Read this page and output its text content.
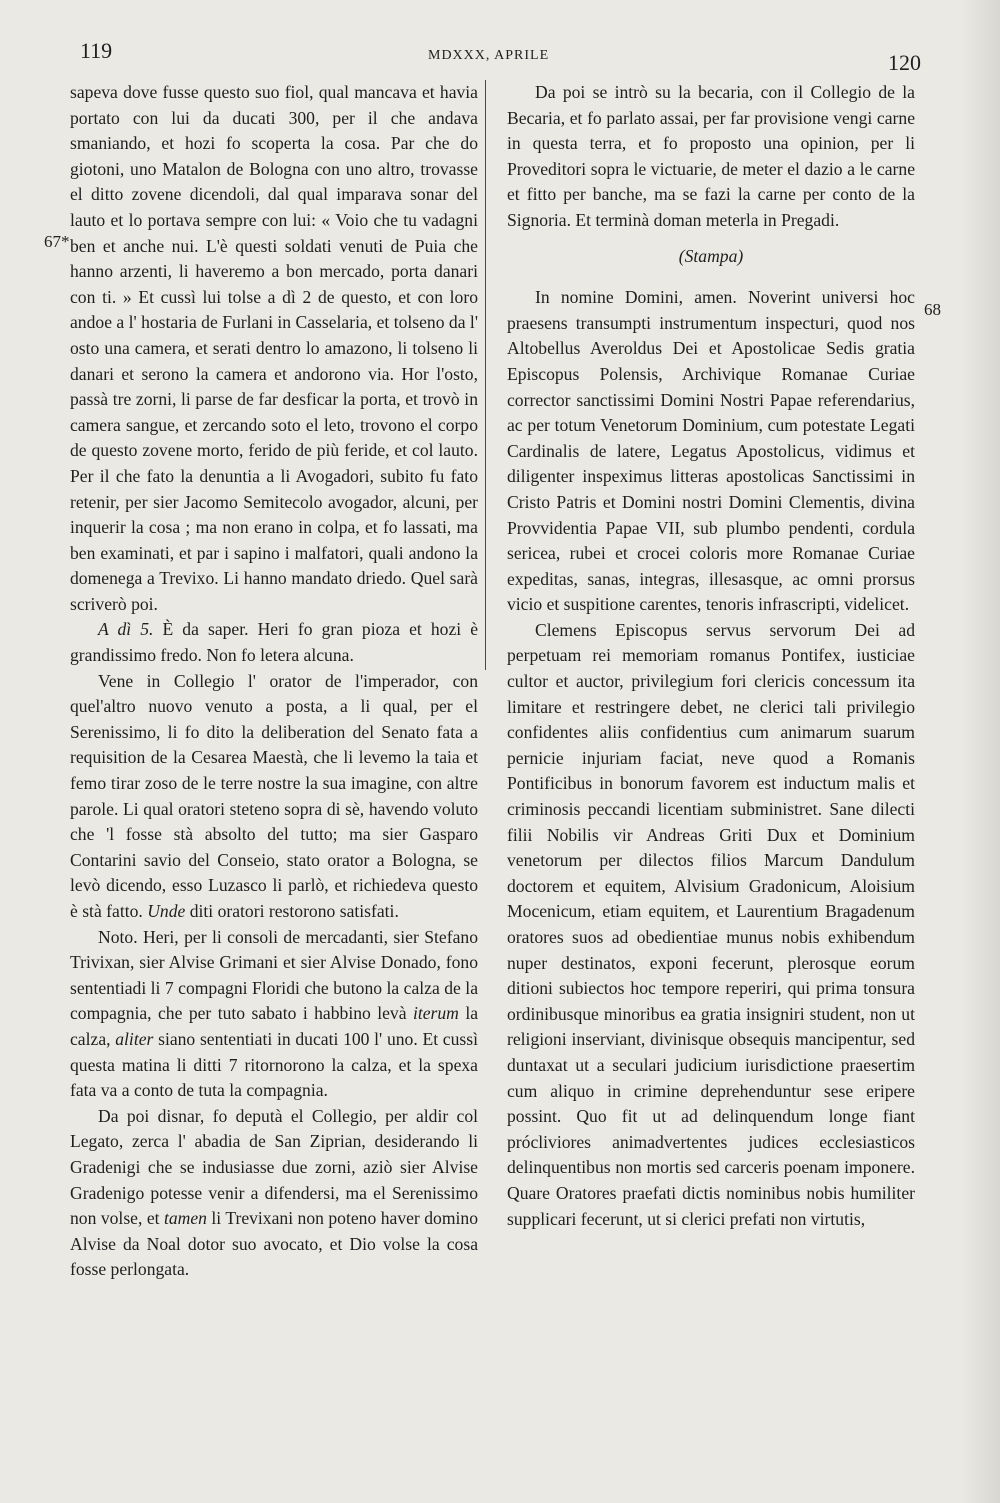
119	MDXXX, APRILE	120
67*
68

sapeva dove fusse questo suo fiol, qual mancava et havia portato con lui da ducati 300, per il che andava smaniando, et hozi fo scoperta la cosa. Par che do giotoni, uno Matalon de Bologna con uno altro, trovasse el ditto zovene dicendoli, dal qual imparava sonar del lauto et lo portava sempre con lui: « Voio che tu vadagni ben et anche nui. L'è questi soldati venuti de Puia che hanno arzenti, li haveremo a bon mercado, porta danari con ti. » Et cussì lui tolse a dì 2 de questo, et con loro andoe a l' hostaria de Furlani in Casselaria, et tolseno da l' osto una camera, et serati dentro lo amazono, li tolseno li danari et serono la camera et andorono via. Hor l'osto, passà tre zorni, li parse de far desficar la porta, et trovò in camera sangue, et zercando soto el leto, trovono el corpo de questo zovene morto, ferido de più feride, et col lauto. Per il che fato la denuntia a li Avogadori, subito fu fato retenir, per sier Jacomo Semitecolo avogador, alcuni, per inquerir la cosa ; ma non erano in colpa, et fo lassati, ma ben examinati, et par i sapino i malfatori, quali andono la domenega a Trevixo. Li hanno mandato driedo. Quel sarà scriverò poi.

A dì 5. È da saper. Heri fo gran pioza et hozi è grandissimo fredo. Non fo letera alcuna.

Vene in Collegio l' orator de l'imperador, con quel'altro nuovo venuto a posta, a li qual, per el Serenissimo, li fo dito la deliberation del Senato fata a requisition de la Cesarea Maestà, che li levemo la taia et femo tirar zoso de le terre nostre la sua imagine, con altre parole. Li qual oratori steteno sopra di sè, havendo voluto che 'l fosse stà absolto del tutto; ma sier Gasparo Contarini savio del Conseio, stato orator a Bologna, se levò dicendo, esso Luzasco li parlò, et richiedeva questo è stà fatto. Unde diti oratori restorono satisfati.

Noto. Heri, per li consoli de mercadanti, sier Stefano Trivixan, sier Alvise Grimani et sier Alvise Donado, fono sententiadi li 7 compagni Floridi che butono la calza de la compagnia, che per tuto sabato i habbino levà iterum la calza, aliter siano sententiati in ducati 100 l' uno. Et cussì questa matina li ditti 7 ritornorono la calza, et la spexa fata va a conto de tuta la compagnia.

Da poi disnar, fo deputà el Collegio, per aldir col Legato, zerca l' abadia de San Ziprian, desiderando li Gradenigi che se indusiasse due zorni, aziò sier Alvise Gradenigo potesse venir a difendersi, ma el Serenissimo non volse, et tamen li Trevixani non poteno haver domino Alvise da Noal dotor suo avocato, et Dio volse la cosa fosse perlongata.

Da poi se intrò su la becaria, con il Collegio de la Becaria, et fo parlato assai, per far provisione vengi carne in questa terra, et fo proposto una opinion, per li Proveditori sopra le victuarie, de meter el dazio a le carne et fitto per banche, ma se fazi la carne per conto de la Signoria. Et terminà doman meterla in Pregadi.

(Stampa)

In nomine Domini, amen. Noverint universi hoc praesens transumpti instrumentum inspecturi, quod nos Altobellus Averoldus Dei et Apostolicae Sedis gratia Episcopus Polensis, Archivique Romanae Curiae corrector sanctissimi Domini Nostri Papae referendarius, ac per totum Venetorum Dominium, cum potestate Legati Cardinalis de latere, Legatus Apostolicus, vidimus et diligenter inspeximus litteras apostolicas Sanctissimi in Cristo Patris et Domini nostri Domini Clementis, divina Provvidentia Papae VII, sub plumbo pendenti, cordula sericea, rubei et crocei coloris more Romanae Curiae expeditas, sanas, integras, illesasque, ac omni prorsus vicio et suspitione carentes, tenoris infrascripti, videlicet.

Clemens Episcopus servus servorum Dei ad perpetuam rei memoriam romanus Pontifex, iusticiae cultor et auctor, privilegium fori clericis concessum ita limitare et restringere debet, ne clerici tali privilegio confidentes aliis confidentius cum animarum suarum pernicie injuriam faciat, neve quod a Romanis Pontificibus in bonorum favorem est inductum malis et criminosis peccandi licentiam subministret. Sane dilecti filii Nobilis vir Andreas Griti Dux et Dominium venetorum per dilectos filios Marcum Dandulum doctorem et equitem, Alvisium Gradonicum, Aloisium Mocenicum, etiam equitem, et Laurentium Bragadenum oratores suos ad obedientiae munus nobis exhibendum nuper destinatos, exponi fecerunt, plerosque eorum ditioni subiectos hoc tempore reperiri, qui prima tonsura ordinibusque minoribus ea gratia insigniri student, non ut religioni inserviant, divinisque obsequis mancipentur, sed duntaxat ut a seculari judicium iurisdictione praesertim cum aliquo in crimine deprehenduntur sese eripere possint. Quo fit ut ad delinquendum longe fiant prócliviores animadvertentes judices ecclesiasticos delinquentibus non mortis sed carceris poenam imponere. Quare Oratores praefati dictis nominibus nobis humiliter supplicari fecerunt, ut si clerici prefati non virtutis,
